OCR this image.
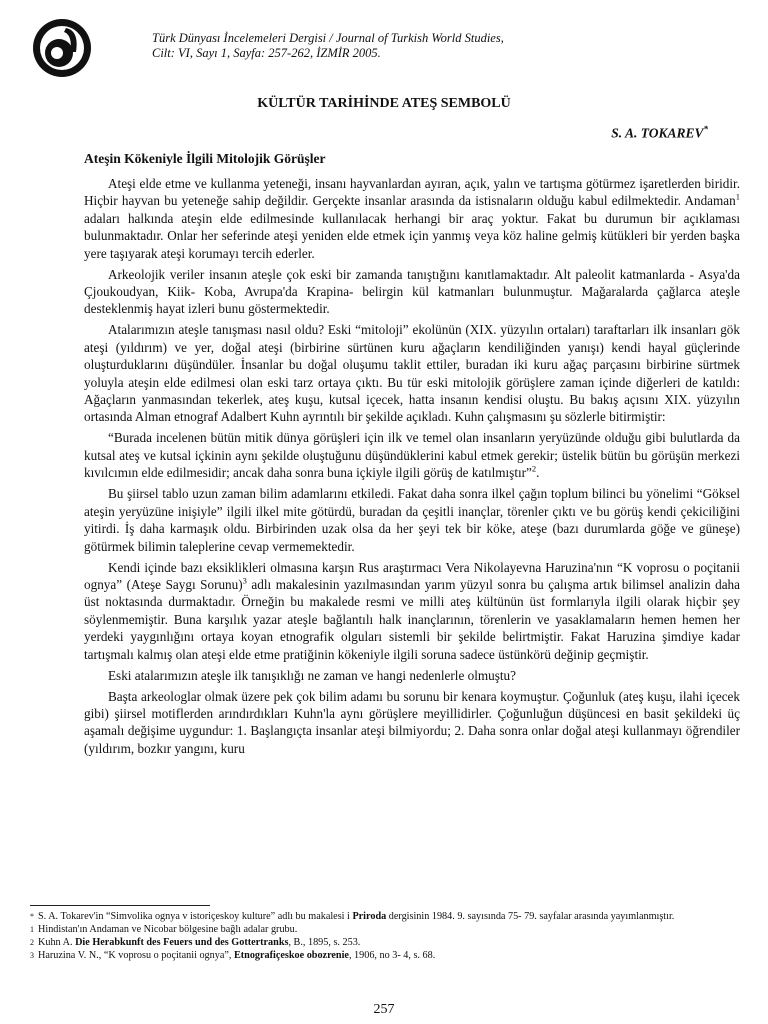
Türk Dünyası İncelemeleri Dergisi / Journal of Turkish World Studies,
Cilt: VI, Sayı 1, Sayfa: 257-262, İZMİR 2005.
KÜLTÜR TARİHİNDE ATEŞ SEMBOLÜ
S. A. TOKAREV*
Ateşin Kökeniyle İlgili Mitolojik Görüşler

Ateşi elde etme ve kullanma yeteneği, insanı hayvanlardan ayıran, açık, yalın ve tartışma götürmez işaretlerden biridir. Hiçbir hayvan bu yeteneğe sahip değildir. Gerçekte insanlar arasında da istisnaların olduğu kabul edilmektedir. Andaman$^1$ adaları halkında ateşin elde edilmesinde kullanılacak herhangi bir araç yoktur. Fakat bu durumun bir açıklaması bulunmaktadır. Onlar her seferinde ateşi yeniden elde etmek için yanmış veya köz haline gelmiş kütükleri bir yerden başka yere taşıyarak ateşi korumayı tercih ederler.

Arkeolojik veriler insanın ateşle çok eski bir zamanda tanıştığını kanıtlamaktadır. Alt paleolit katmanlarda - Asya'da Çjoukoudyan, Kiik- Koba, Avrupa'da Krapina- belirgin kül katmanları bulunmuştur. Mağaralarda çağlarca ateşle desteklenmiş hayat izleri bunu göstermektedir.

Atalarımızın ateşle tanışması nasıl oldu? Eski “mitoloji” ekolünün (XIX. yüzyılın ortaları) taraftarları ilk insanları gök ateşi (yıldırım) ve yer, doğal ateşi (birbirine sürtünen kuru ağaçların kendiliğinden yanışı) kendi hayal güçlerinde oluşturduklarını düşündüler. İnsanlar bu doğal oluşumu taklit ettiler, buradan iki kuru ağaç parçasını birbirine sürtmek yoluyla ateşin elde edilmesi olan eski tarz ortaya çıktı. Bu tür eski mitolojik görüşlere zaman içinde diğerleri de katıldı: Ağaçların yanmasından tekerlek, ateş kuşu, kutsal içecek, hatta insanın kendisi oluştu. Bu bakış açısını XIX. yüzyılın ortasında Alman etnograf Adalbert Kuhn ayrıntılı bir şekilde açıkladı. Kuhn çalışmasını şu sözlerle bitirmiştir:

“Burada incelenen bütün mitik dünya görüşleri için ilk ve temel olan insanların yeryüzünde olduğu gibi bulutlarda da kutsal ateş ve kutsal içkinin aynı şekilde oluştuğunu düşündüklerini kabul etmek gerekir; üstelik bütün bu görüşün merkezi kıvılcımın elde edilmesidir; ancak daha sonra buna içkiyle ilgili görüş de katılmıştır”$^2$.

Bu şiirsel tablo uzun zaman bilim adamlarını etkiledi. Fakat daha sonra ilkel çağın toplum bilinci bu yönelimi “Göksel ateşin yeryüzüne inişiyle” ilgili ilkel mite götürdü, buradan da çeşitli inançlar, törenler çıktı ve bu görüş kendi çekiciliğini yitirdi. İş daha karmaşık oldu. Birbirinden uzak olsa da her şeyi tek bir köke, ateşe (bazı durumlarda göğe ve güneşe) götürmek bilimin taleplerine cevap vermemektedir.

Kendi içinde bazı eksiklikleri olmasına karşın Rus araştırmacı Vera Nikolayevna Haruzina'nın “K voprosu o poçitanii ognya” (Ateşe Saygı Sorunu)$^3$ adlı makalesinin yazılmasından yarım yüzyıl sonra bu çalışma artık bilimsel analizin daha üst noktasında durmaktadır. Örneğin bu makalede resmi ve milli ateş kültünün üst formlarıyla ilgili olarak hiçbir şey söylenmemiştir. Buna karşılık yazar ateşle bağlantılı halk inançlarının, törenlerin ve yasaklamaların hemen hemen her yerdeki yaygınlığını ortaya koyan etnografik olguları sistemli bir şekilde belirtmiştir. Fakat Haruzina şimdiye kadar tartışmalı kalmış olan ateşi elde etme pratiğinin kökeniyle ilgili soruna sadece üstünkörü değinip geçmiştir.

Eski atalarımızın ateşle ilk tanışıklığı ne zaman ve hangi nedenlerle olmuştu?

Başta arkeologlar olmak üzere pek çok bilim adamı bu sorunu bir kenara koymuştur. Çoğunluk (ateş kuşu, ilahi içecek gibi) şiirsel motiflerden arındırdıkları Kuhn'la aynı görüşlere meyillidirler. Çoğunluğun düşüncesi en basit şekildeki üç aşamalı değişime uygundur: 1. Başlangıçta insanlar ateşi bilmiyordu; 2. Daha sonra onlar doğal ateşi kullanmayı öğrendiler (yıldırım, bozkır yangını, kuru

* S. A. Tokarev'in “Simvolika ognya v istoriçeskoy kulture” adlı bu makalesi i Priroda dergisinin 1984. 9. sayısında 75- 79. sayfalar arasında yayımlanmıştır.
1 Hindistan'ın Andaman ve Nicobar bölgesine bağlı adalar grubu.
2 Kuhn A. Die Herabkunft des Feuers und des Gottertranks, B., 1895, s. 253.
3 Haruzina V. N., “K voprosu o poçitanii ognya”, Etnografiçeskoe obozrenie, 1906, no 3- 4, s. 68.
257
